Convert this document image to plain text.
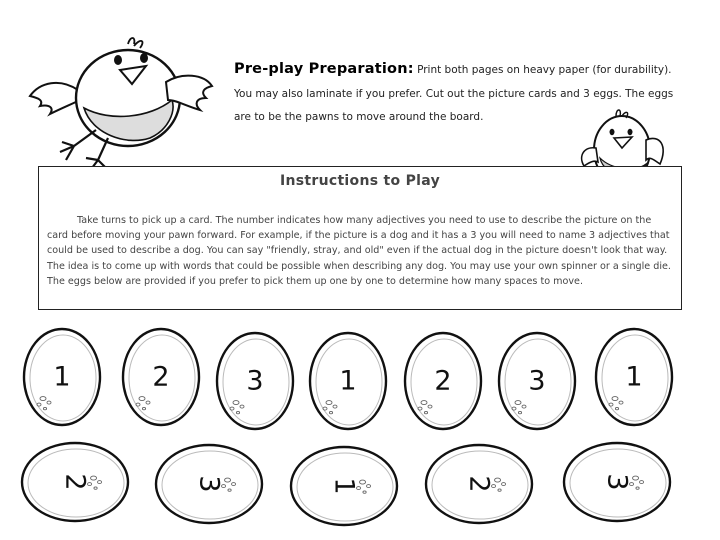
Pre-play Preparation: Print both pages on heavy paper (for durability). You may also laminate if you prefer. Cut out the picture cards and 3 eggs. The eggs are to be the pawns to move around the board.
Instructions to Play
Take turns to pick up a card. The number indicates how many adjectives you need to use to describe the picture on the card before moving your pawn forward. For example, if the picture is a dog and it has a 3 you will need to name 3 adjectives that could be used to describe a dog. You can say "friendly, stray, and old" even if the actual dog in the picture doesn't look that way. The idea is to come up with words that could be possible when describing any dog. You may use your own spinner or a single die. The eggs below are provided if you prefer to pick them up one by one to determine how many spaces to move.
1	2	3	1	2	3	1
2	3	1	2	3
